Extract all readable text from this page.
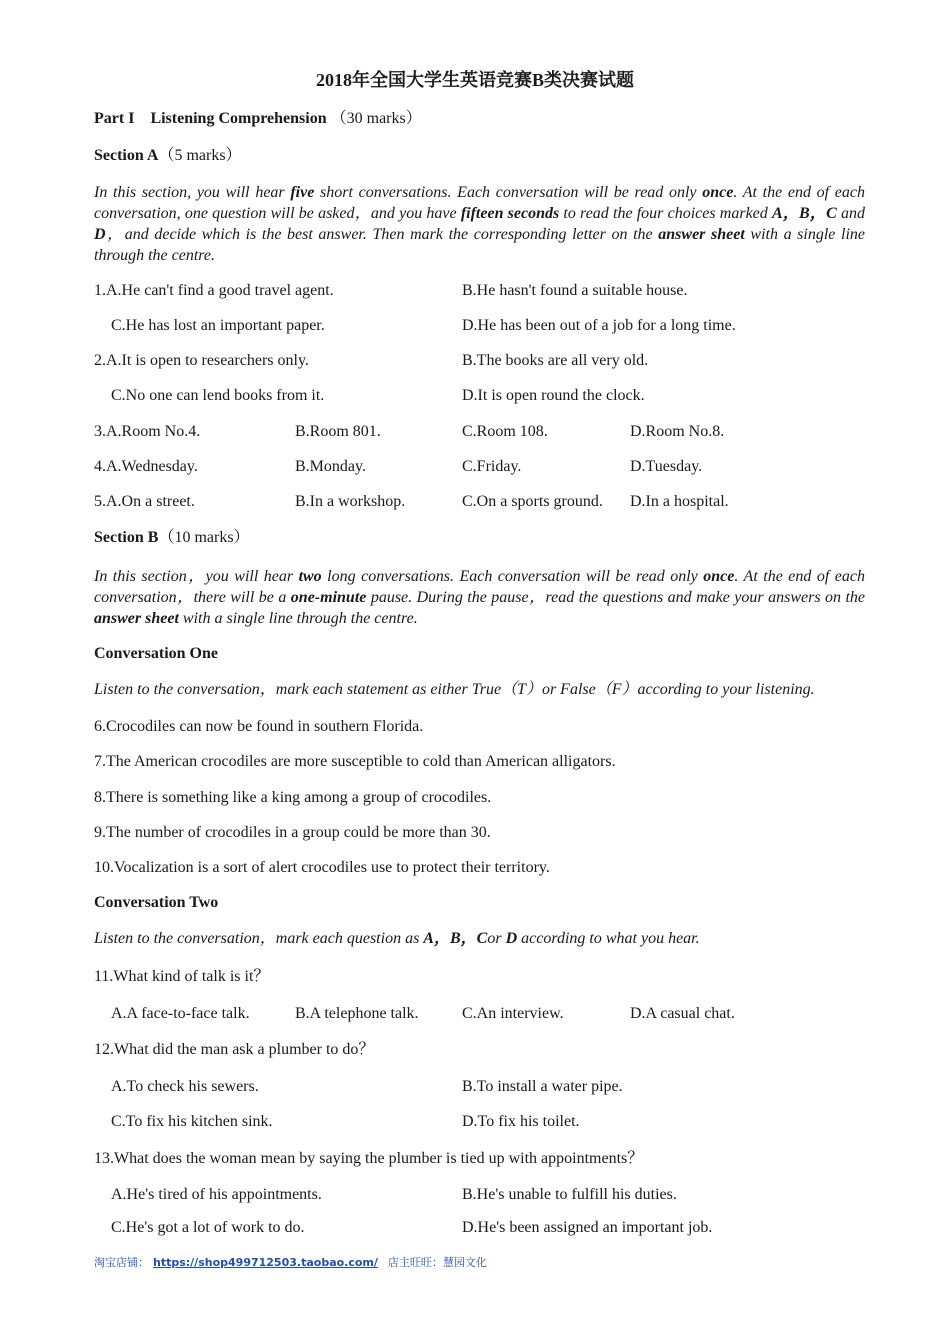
2018年全国大学生英语竞赛B类决赛试题
Part I Listening Comprehension （30 marks）
Section A（5 marks）
In this section, you will hear five short conversations. Each conversation will be read only once. At the end of each conversation, one question will be asked，and you have fifteen seconds to read the four choices marked A，B，C and D，and decide which is the best answer. Then mark the corresponding letter on the answer sheet with a single line through the centre.
1.A.He can't find a good travel agent.	B.He hasn't found a suitable house.
C.He has lost an important paper.	D.He has been out of a job for a long time.
2.A.It is open to researchers only.	B.The books are all very old.
C.No one can lend books from it.	D.It is open round the clock.
3.A.Room No.4.	B.Room 801.	C.Room 108.	D.Room No.8.
4.A.Wednesday.	B.Monday.	C.Friday.	D.Tuesday.
5.A.On a street.	B.In a workshop.	C.On a sports ground. D.In a hospital.
Section B（10 marks）
In this section，you will hear two long conversations. Each conversation will be read only once. At the end of each conversation，there will be a one-minute pause. During the pause，read the questions and make your answers on the answer sheet with a single line through the centre.
Conversation One
Listen to the conversation，mark each statement as either True（T）or False（F）according to your listening.
6.Crocodiles can now be found in southern Florida.
7.The American crocodiles are more susceptible to cold than American alligators.
8.There is something like a king among a group of crocodiles.
9.The number of crocodiles in a group could be more than 30.
10.Vocalization is a sort of alert crocodiles use to protect their territory.
Conversation Two
Listen to the conversation，mark each question as A，B，Cor D according to what you hear.
11.What kind of talk is it？
A.A face-to-face talk.	B.A telephone talk.	C.An interview.	D.A casual chat.
12.What did the man ask a plumber to do？
A.To check his sewers.	B.To install a water pipe.
C.To fix his kitchen sink.	D.To fix his toilet.
13.What does the woman mean by saying the plumber is tied up with appointments？
A.He's tired of his appointments.	B.He's unable to fulfill his duties.
C.He's got a lot of work to do.	D.He's been assigned an important job.
淘宝店铺： https://shop499712503.taobao.com/ 店主旺旺：慧园文化
